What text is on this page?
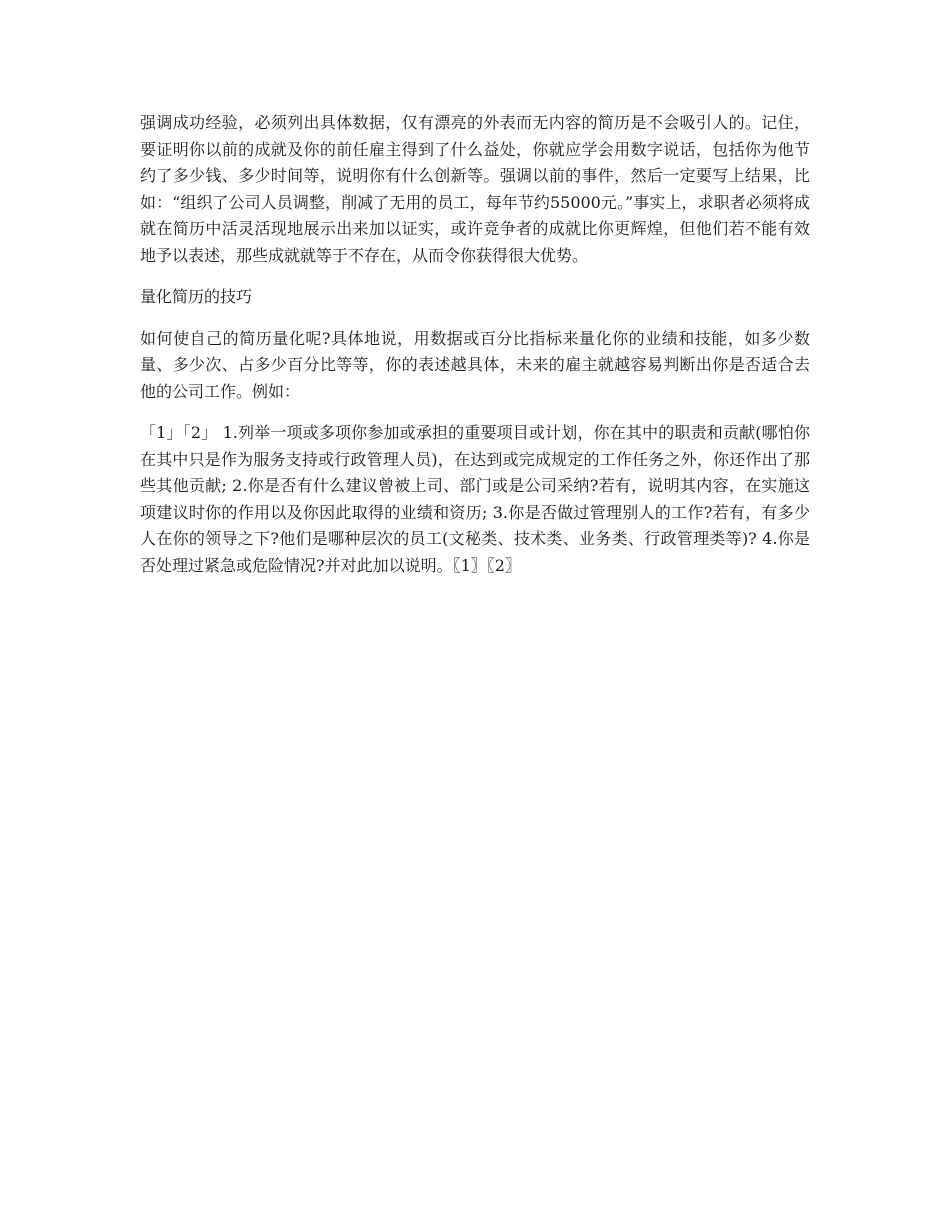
强调成功经验，必须列出具体数据，仅有漂亮的外表而无内容的简历是不会吸引人的。记住，要证明你以前的成就及你的前任雇主得到了什么益处，你就应学会用数字说话，包括你为他节约了多少钱、多少时间等，说明你有什么创新等。强调以前的事件，然后一定要写上结果，比如：“组织了公司人员调整，削减了无用的员工，每年节约55000元。”事实上，求职者必须将成就在简历中活灵活现地展示出来加以证实，或许竞争者的成就比你更辉煌，但他们若不能有效地予以表述，那些成就就等于不存在，从而令你获得很大优势。

量化简历的技巧

如何使自己的简历量化呢?具体地说，用数据或百分比指标来量化你的业绩和技能，如多少数量、多少次、占多少百分比等等，你的表述越具体，未来的雇主就越容易判断出你是否适合去他的公司工作。例如：

「1」「2」 1.列举一项或多项你参加或承担的重要项目或计划，你在其中的职责和贡献(哪怕你在其中只是作为服务支持或行政管理人员)，在达到或完成规定的工作任务之外，你还作出了那些其他贡献; 2.你是否有什么建议曾被上司、部门或是公司采纳?若有，说明其内容，在实施这项建议时你的作用以及你因此取得的业绩和资历; 3.你是否做过管理别人的工作?若有，有多少人在你的领导之下?他们是哪种层次的员工(文秘类、技术类、业务类、行政管理类等)? 4.你是否处理过紧急或危险情况?并对此加以说明。〖1〗〖2〗
